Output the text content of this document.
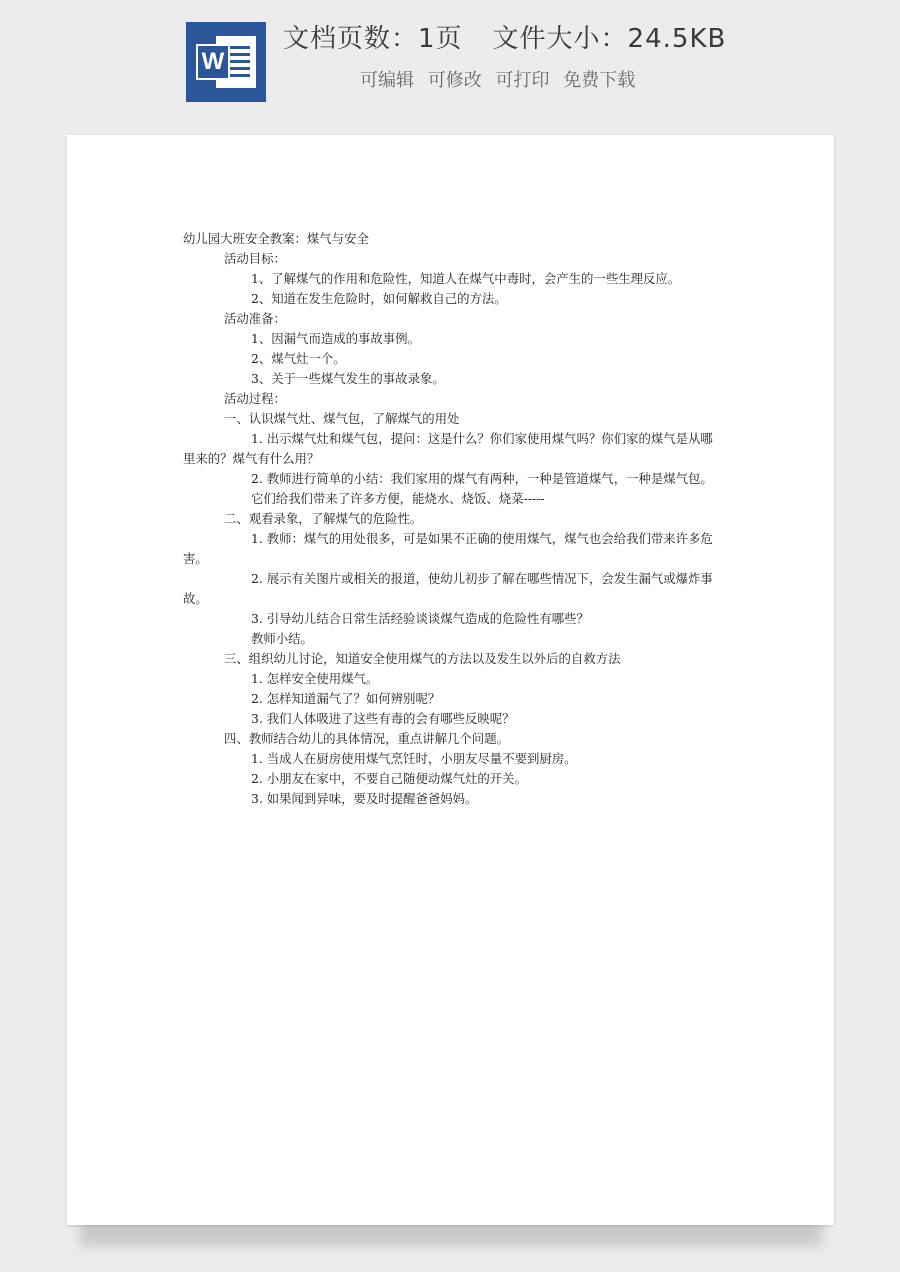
W
文档页数：1页 文件大小：24.5KB
可编辑 可修改 可打印 免费下载

幼儿园大班安全教案：煤气与安全

活动目标：

1、了解煤气的作用和危险性，知道人在煤气中毒时，会产生的一些生理反应。

2、知道在发生危险时，如何解救自己的方法。

活动准备：

1、因漏气而造成的事故事例。

2、煤气灶一个。

3、关于一些煤气发生的事故录象。

活动过程：

一、认识煤气灶、煤气包，了解煤气的用处

1. 出示煤气灶和煤气包，提问：这是什么？你们家使用煤气吗？你们家的煤气是从哪里来的？煤气有什么用？

2. 教师进行简单的小结：我们家用的煤气有两种，一种是管道煤气，一种是煤气包。

它们给我们带来了许多方便，能烧水、烧饭、烧菜-----

二、观看录象，了解煤气的危险性。

1. 教师：煤气的用处很多，可是如果不正确的使用煤气，煤气也会给我们带来许多危害。

2. 展示有关图片或相关的报道，使幼儿初步了解在哪些情况下，会发生漏气或爆炸事故。

3. 引导幼儿结合日常生活经验谈谈煤气造成的危险性有哪些？

教师小结。

三、组织幼儿讨论，知道安全使用煤气的方法以及发生以外后的自救方法

1. 怎样安全使用煤气。

2. 怎样知道漏气了？如何辨别呢？

3. 我们人体吸进了这些有毒的会有哪些反映呢？

四、教师结合幼儿的具体情况，重点讲解几个问题。

1. 当成人在厨房使用煤气烹饪时，小朋友尽量不要到厨房。

2. 小朋友在家中，不要自己随便动煤气灶的开关。

3. 如果闻到异味，要及时提醒爸爸妈妈。
